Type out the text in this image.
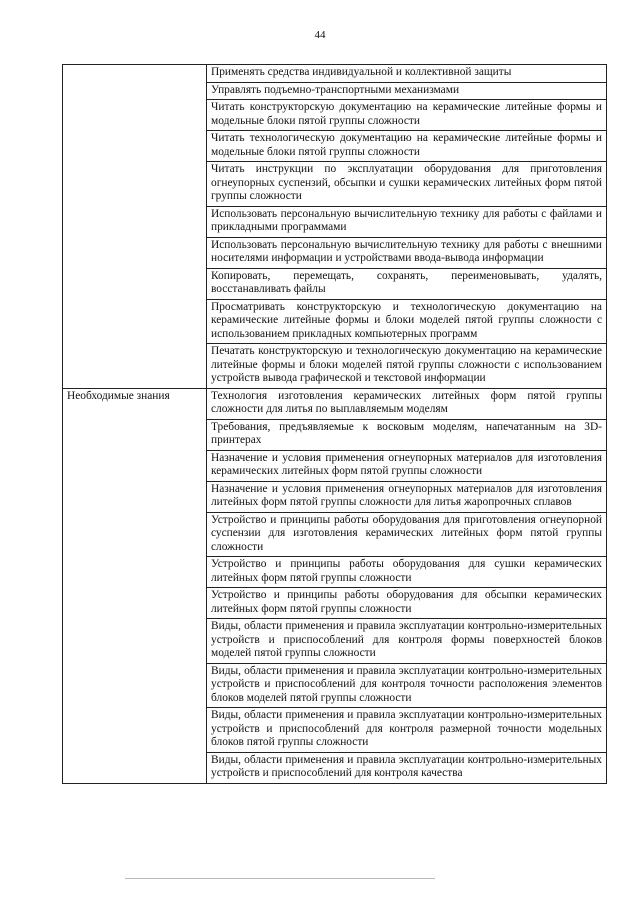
44
	Применять средства индивидуальной и коллективной защиты
	Управлять подъемно-транспортными механизмами
	Читать конструкторскую документацию на керамические литейные формы и модельные блоки пятой группы сложности
	Читать технологическую документацию на керамические литейные формы и модельные блоки пятой группы сложности
	Читать инструкции по эксплуатации оборудования для приготовления огнеупорных суспензий, обсыпки и сушки керамических литейных форм пятой группы сложности
	Использовать персональную вычислительную технику для работы с файлами и прикладными программами
	Использовать персональную вычислительную технику для работы с внешними носителями информации и устройствами ввода-вывода информации
	Копировать, перемещать, сохранять, переименовывать, удалять, восстанавливать файлы
	Просматривать конструкторскую и технологическую документацию на керамические литейные формы и блоки моделей пятой группы сложности с использованием прикладных компьютерных программ
	Печатать конструкторскую и технологическую документацию на керамические литейные формы и блоки моделей пятой группы сложности с использованием устройств вывода графической и текстовой информации
Необходимые знания	Технология изготовления керамических литейных форм пятой группы сложности для литья по выплавляемым моделям
	Требования, предъявляемые к восковым моделям, напечатанным на 3D-принтерах
	Назначение и условия применения огнеупорных материалов для изготовления керамических литейных форм пятой группы сложности
	Назначение и условия применения огнеупорных материалов для изготовления литейных форм пятой группы сложности для литья жаропрочных сплавов
	Устройство и принципы работы оборудования для приготовления огнеупорной суспензии для изготовления керамических литейных форм пятой группы сложности
	Устройство и принципы работы оборудования для сушки керамических литейных форм пятой группы сложности
	Устройство и принципы работы оборудования для обсыпки керамических литейных форм пятой группы сложности
	Виды, области применения и правила эксплуатации контрольно-измерительных устройств и приспособлений для контроля формы поверхностей блоков моделей пятой группы сложности
	Виды, области применения и правила эксплуатации контрольно-измерительных устройств и приспособлений для контроля точности расположения элементов блоков моделей пятой группы сложности
	Виды, области применения и правила эксплуатации контрольно-измерительных устройств и приспособлений для контроля размерной точности модельных блоков пятой группы сложности
	Виды, области применения и правила эксплуатации контрольно-измерительных устройств и приспособлений для контроля качества
